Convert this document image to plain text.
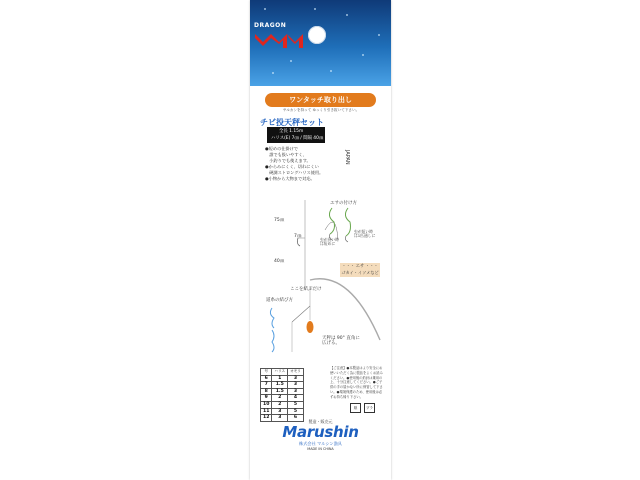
DRAGON
ワンタッチ取り出し
サルカンを持って ゆっくり引き抜いて下さい。
チビ投天秤セット
全長 1.15m
ハリス(E) 7㎝ / 間隔 40㎝
●短めの仕掛けで
　誰でも扱いやすく、
　小釣りでも使えます。
●からみにくく、切れにくい
　硬調ストロングハリス使用。
●小物から大物まで対応。
75㎝
7㎝
40㎝
エサの付け方
虫が長い時は短めに
虫が短い時は1匹通しに
・・・ エサ ・・・
ゴカイ・イソメなど
ここを結ぶだけ
道糸の結び方
天秤は 90° 直角に広げる。
号	ハリス	オモリ
6	1	3
7	1.5	3
8	1.5	3
9	2	4
10	2	5
11	3	5
12	3	6
【ご注意】●本製品はより安全にお使いいただく為に製品をよくお読みください。●使用後の釣針は棄用の上、十分注意してください。●ご子供の手の届かない所に保管して下さい。●環境保護のため、使用後は必ずお持ち帰り下さい。
紙	プラ
製造・販売元
Marushin
株式会社 マルシン漁具
MADE IN CHINA
JAPAN
